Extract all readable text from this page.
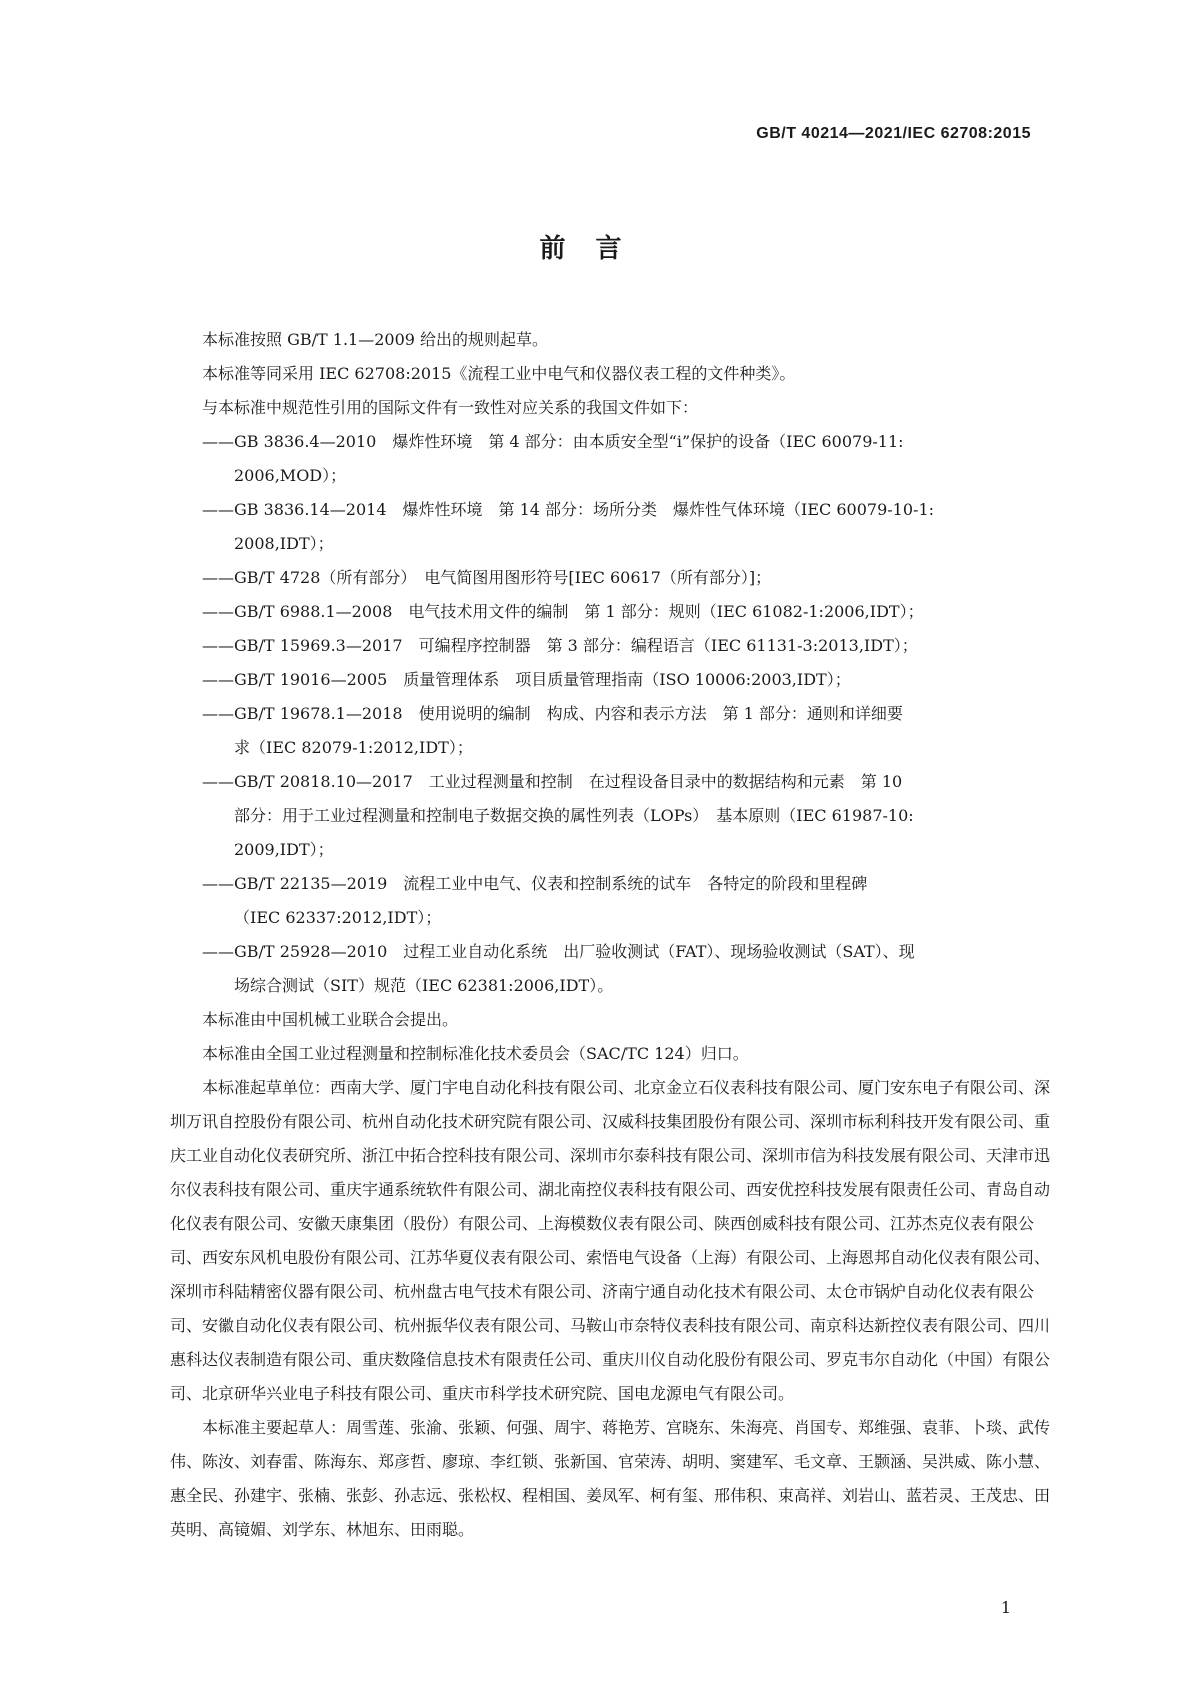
GB/T 40214—2021/IEC 62708:2015
前言

本标准按照 GB/T 1.1—2009 给出的规则起草。

本标准等同采用 IEC 62708:2015《流程工业中电气和仪器仪表工程的文件种类》。

与本标准中规范性引用的国际文件有一致性对应关系的我国文件如下：

——GB 3836.4—2010　爆炸性环境　第 4 部分：由本质安全型“i”保护的设备（IEC 60079-11:
2006,MOD）；
——GB 3836.14—2014　爆炸性环境　第 14 部分：场所分类　爆炸性气体环境（IEC 60079-10-1:
2008,IDT）；
——GB/T 4728（所有部分）　电气简图用图形符号[IEC 60617（所有部分）]；
——GB/T 6988.1—2008　电气技术用文件的编制　第 1 部分：规则（IEC 61082-1:2006,IDT）；
——GB/T 15969.3—2017　可编程序控制器　第 3 部分：编程语言（IEC 61131-3:2013,IDT）；
——GB/T 19016—2005　质量管理体系　项目质量管理指南（ISO 10006:2003,IDT）；
——GB/T 19678.1—2018　使用说明的编制　构成、内容和表示方法　第 1 部分：通则和详细要
求（IEC 82079-1:2012,IDT）；
——GB/T 20818.10—2017　工业过程测量和控制　在过程设备目录中的数据结构和元素　第 10
部分：用于工业过程测量和控制电子数据交换的属性列表（LOPs）　基本原则（IEC 61987-10:
2009,IDT）；
——GB/T 22135—2019　流程工业中电气、仪表和控制系统的试车　各特定的阶段和里程碑
（IEC 62337:2012,IDT）；
——GB/T 25928—2010　过程工业自动化系统　出厂验收测试（FAT）、现场验收测试（SAT）、现
场综合测试（SIT）规范（IEC 62381:2006,IDT）。

本标准由中国机械工业联合会提出。

本标准由全国工业过程测量和控制标准化技术委员会（SAC/TC 124）归口。

本标准起草单位：西南大学、厦门宇电自动化科技有限公司、北京金立石仪表科技有限公司、厦门安东电子有限公司、深圳万讯自控股份有限公司、杭州自动化技术研究院有限公司、汉威科技集团股份有限公司、深圳市标利科技开发有限公司、重庆工业自动化仪表研究所、浙江中拓合控科技有限公司、深圳市尔泰科技有限公司、深圳市信为科技发展有限公司、天津市迅尔仪表科技有限公司、重庆宇通系统软件有限公司、湖北南控仪表科技有限公司、西安优控科技发展有限责任公司、青岛自动化仪表有限公司、安徽天康集团（股份）有限公司、上海模数仪表有限公司、陕西创威科技有限公司、江苏杰克仪表有限公司、西安东风机电股份有限公司、江苏华夏仪表有限公司、索悟电气设备（上海）有限公司、上海恩邦自动化仪表有限公司、深圳市科陆精密仪器有限公司、杭州盘古电气技术有限公司、济南宁通自动化技术有限公司、太仓市锅炉自动化仪表有限公司、安徽自动化仪表有限公司、杭州振华仪表有限公司、马鞍山市奈特仪表科技有限公司、南京科达新控仪表有限公司、四川惠科达仪表制造有限公司、重庆数隆信息技术有限责任公司、重庆川仪自动化股份有限公司、罗克韦尔自动化（中国）有限公司、北京研华兴业电子科技有限公司、重庆市科学技术研究院、国电龙源电气有限公司。

本标准主要起草人：周雪莲、张渝、张颖、何强、周宇、蒋艳芳、宫晓东、朱海亮、肖国专、郑维强、袁菲、卜琰、武传伟、陈汝、刘春雷、陈海东、郑彦哲、廖琼、李红锁、张新国、官荣涛、胡明、窦建军、毛文章、王颢涵、吴洪威、陈小慧、惠全民、孙建宇、张楠、张彭、孙志远、张松权、程相国、姜凤军、柯有玺、邢伟积、束高祥、刘岩山、蓝若灵、王茂忠、田英明、高镜媚、刘学东、林旭东、田雨聪。

1
